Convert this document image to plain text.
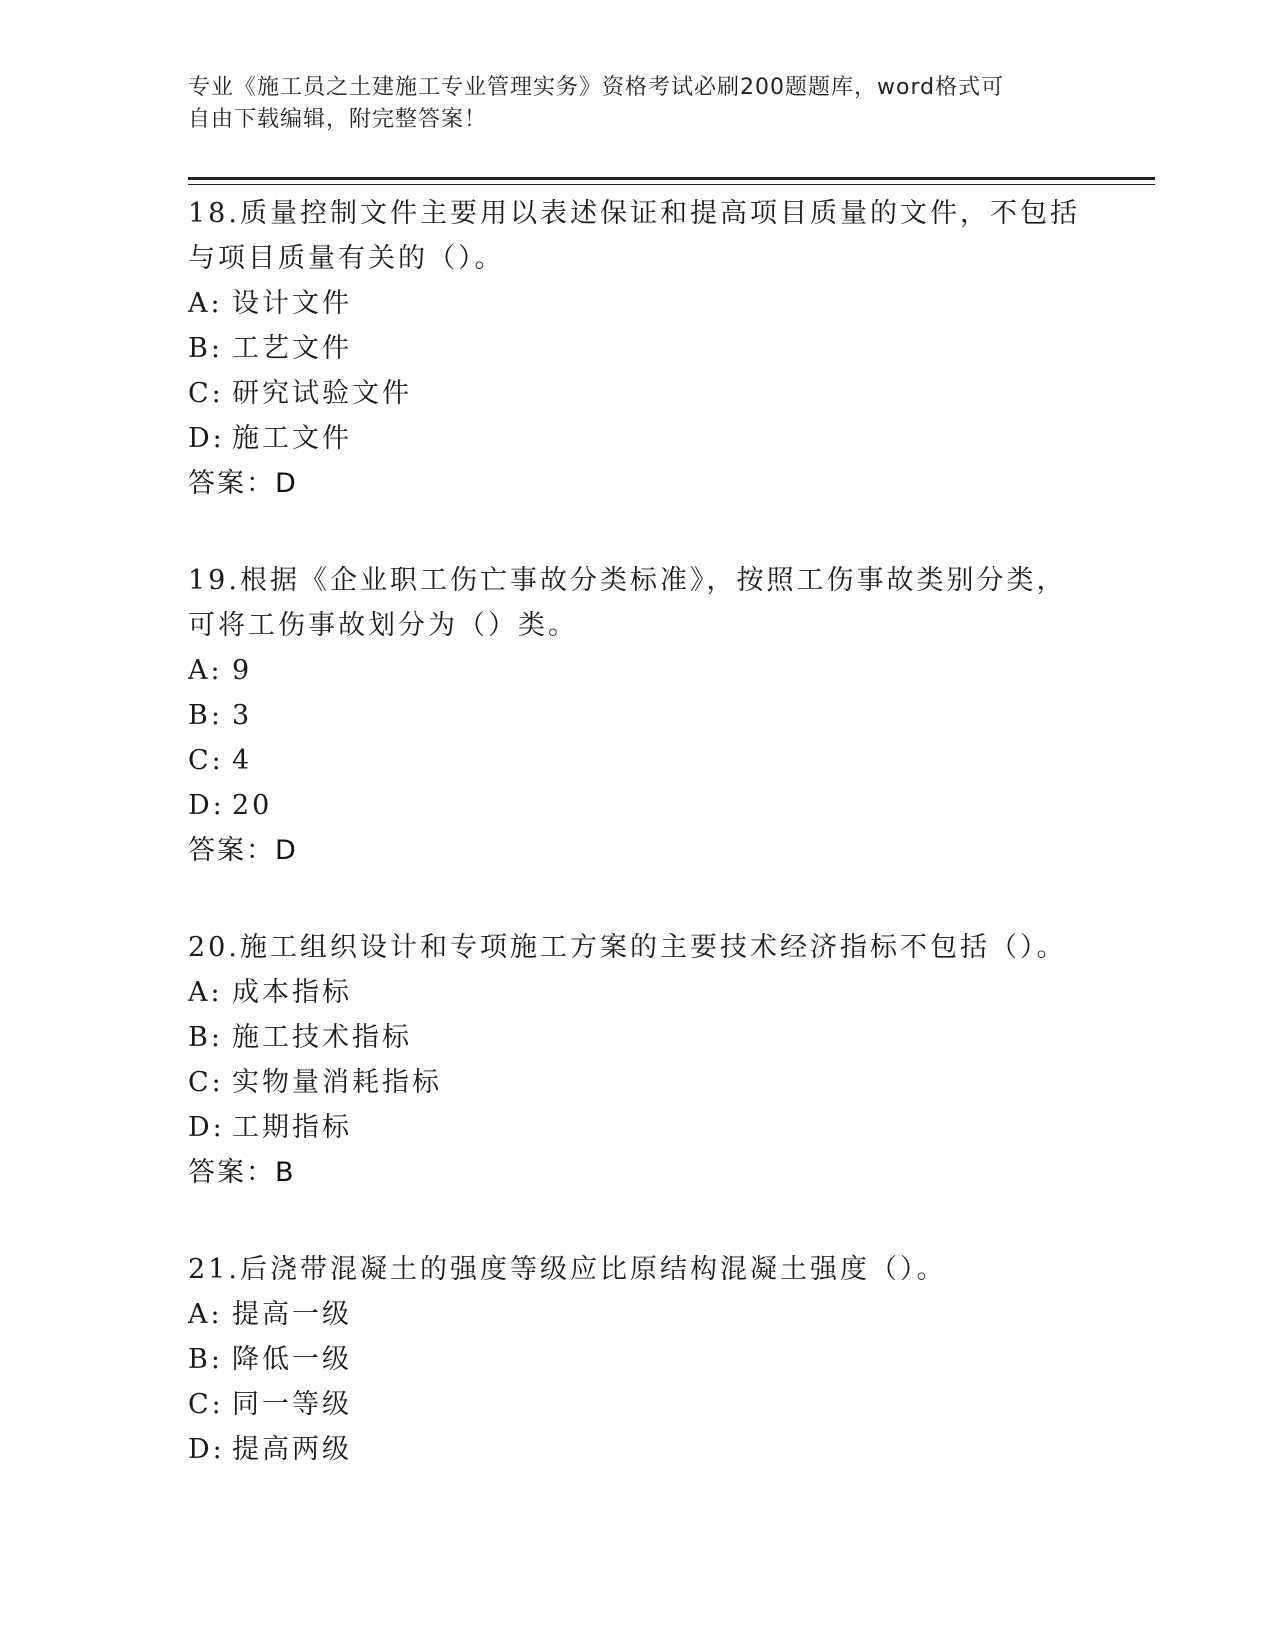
专业《施工员之土建施工专业管理实务》资格考试必刷200题题库，word格式可
自由下载编辑，附完整答案！
18.质量控制文件主要用以表述保证和提高项目质量的文件，不包括与项目质量有关的（）。
A: 设计文件
B: 工艺文件
C: 研究试验文件
D: 施工文件
答案：D
19.根据《企业职工伤亡事故分类标准》，按照工伤事故类别分类，可将工伤事故划分为（）类。
A: 9
B: 3
C: 4
D: 20
答案：D
20.施工组织设计和专项施工方案的主要技术经济指标不包括（）。
A: 成本指标
B: 施工技术指标
C: 实物量消耗指标
D: 工期指标
答案：B
21.后浇带混凝土的强度等级应比原结构混凝土强度（）。
A: 提高一级
B: 降低一级
C: 同一等级
D: 提高两级
